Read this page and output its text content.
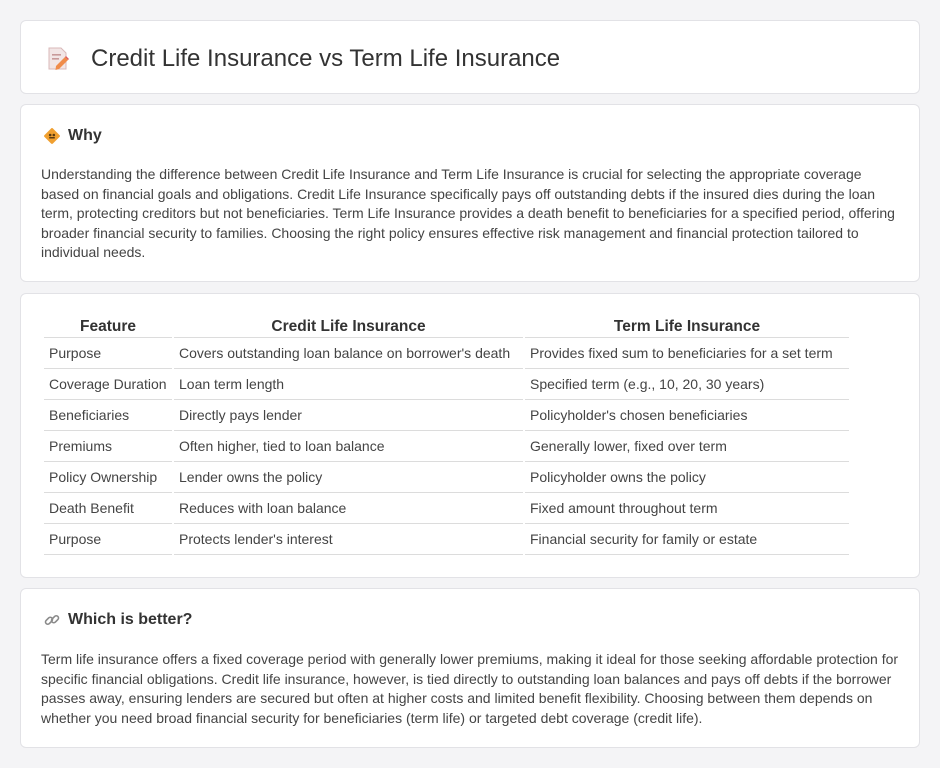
Credit Life Insurance vs Term Life Insurance
Why

Understanding the difference between Credit Life Insurance and Term Life Insurance is crucial for selecting the appropriate coverage based on financial goals and obligations. Credit Life Insurance specifically pays off outstanding debts if the insured dies during the loan term, protecting creditors but not beneficiaries. Term Life Insurance provides a death benefit to beneficiaries for a specified period, offering broader financial security to families. Choosing the right policy ensures effective risk management and financial protection tailored to individual needs.

Feature	Credit Life Insurance	Term Life Insurance
Purpose	Covers outstanding loan balance on borrower's death	Provides fixed sum to beneficiaries for a set term
Coverage Duration	Loan term length	Specified term (e.g., 10, 20, 30 years)
Beneficiaries	Directly pays lender	Policyholder's chosen beneficiaries
Premiums	Often higher, tied to loan balance	Generally lower, fixed over term
Policy Ownership	Lender owns the policy	Policyholder owns the policy
Death Benefit	Reduces with loan balance	Fixed amount throughout term
Purpose	Protects lender's interest	Financial security for family or estate
Which is better?

Term life insurance offers a fixed coverage period with generally lower premiums, making it ideal for those seeking affordable protection for specific financial obligations. Credit life insurance, however, is tied directly to outstanding loan balances and pays off debts if the borrower passes away, ensuring lenders are secured but often at higher costs and limited benefit flexibility. Choosing between them depends on whether you need broad financial security for beneficiaries (term life) or targeted debt coverage (credit life).
